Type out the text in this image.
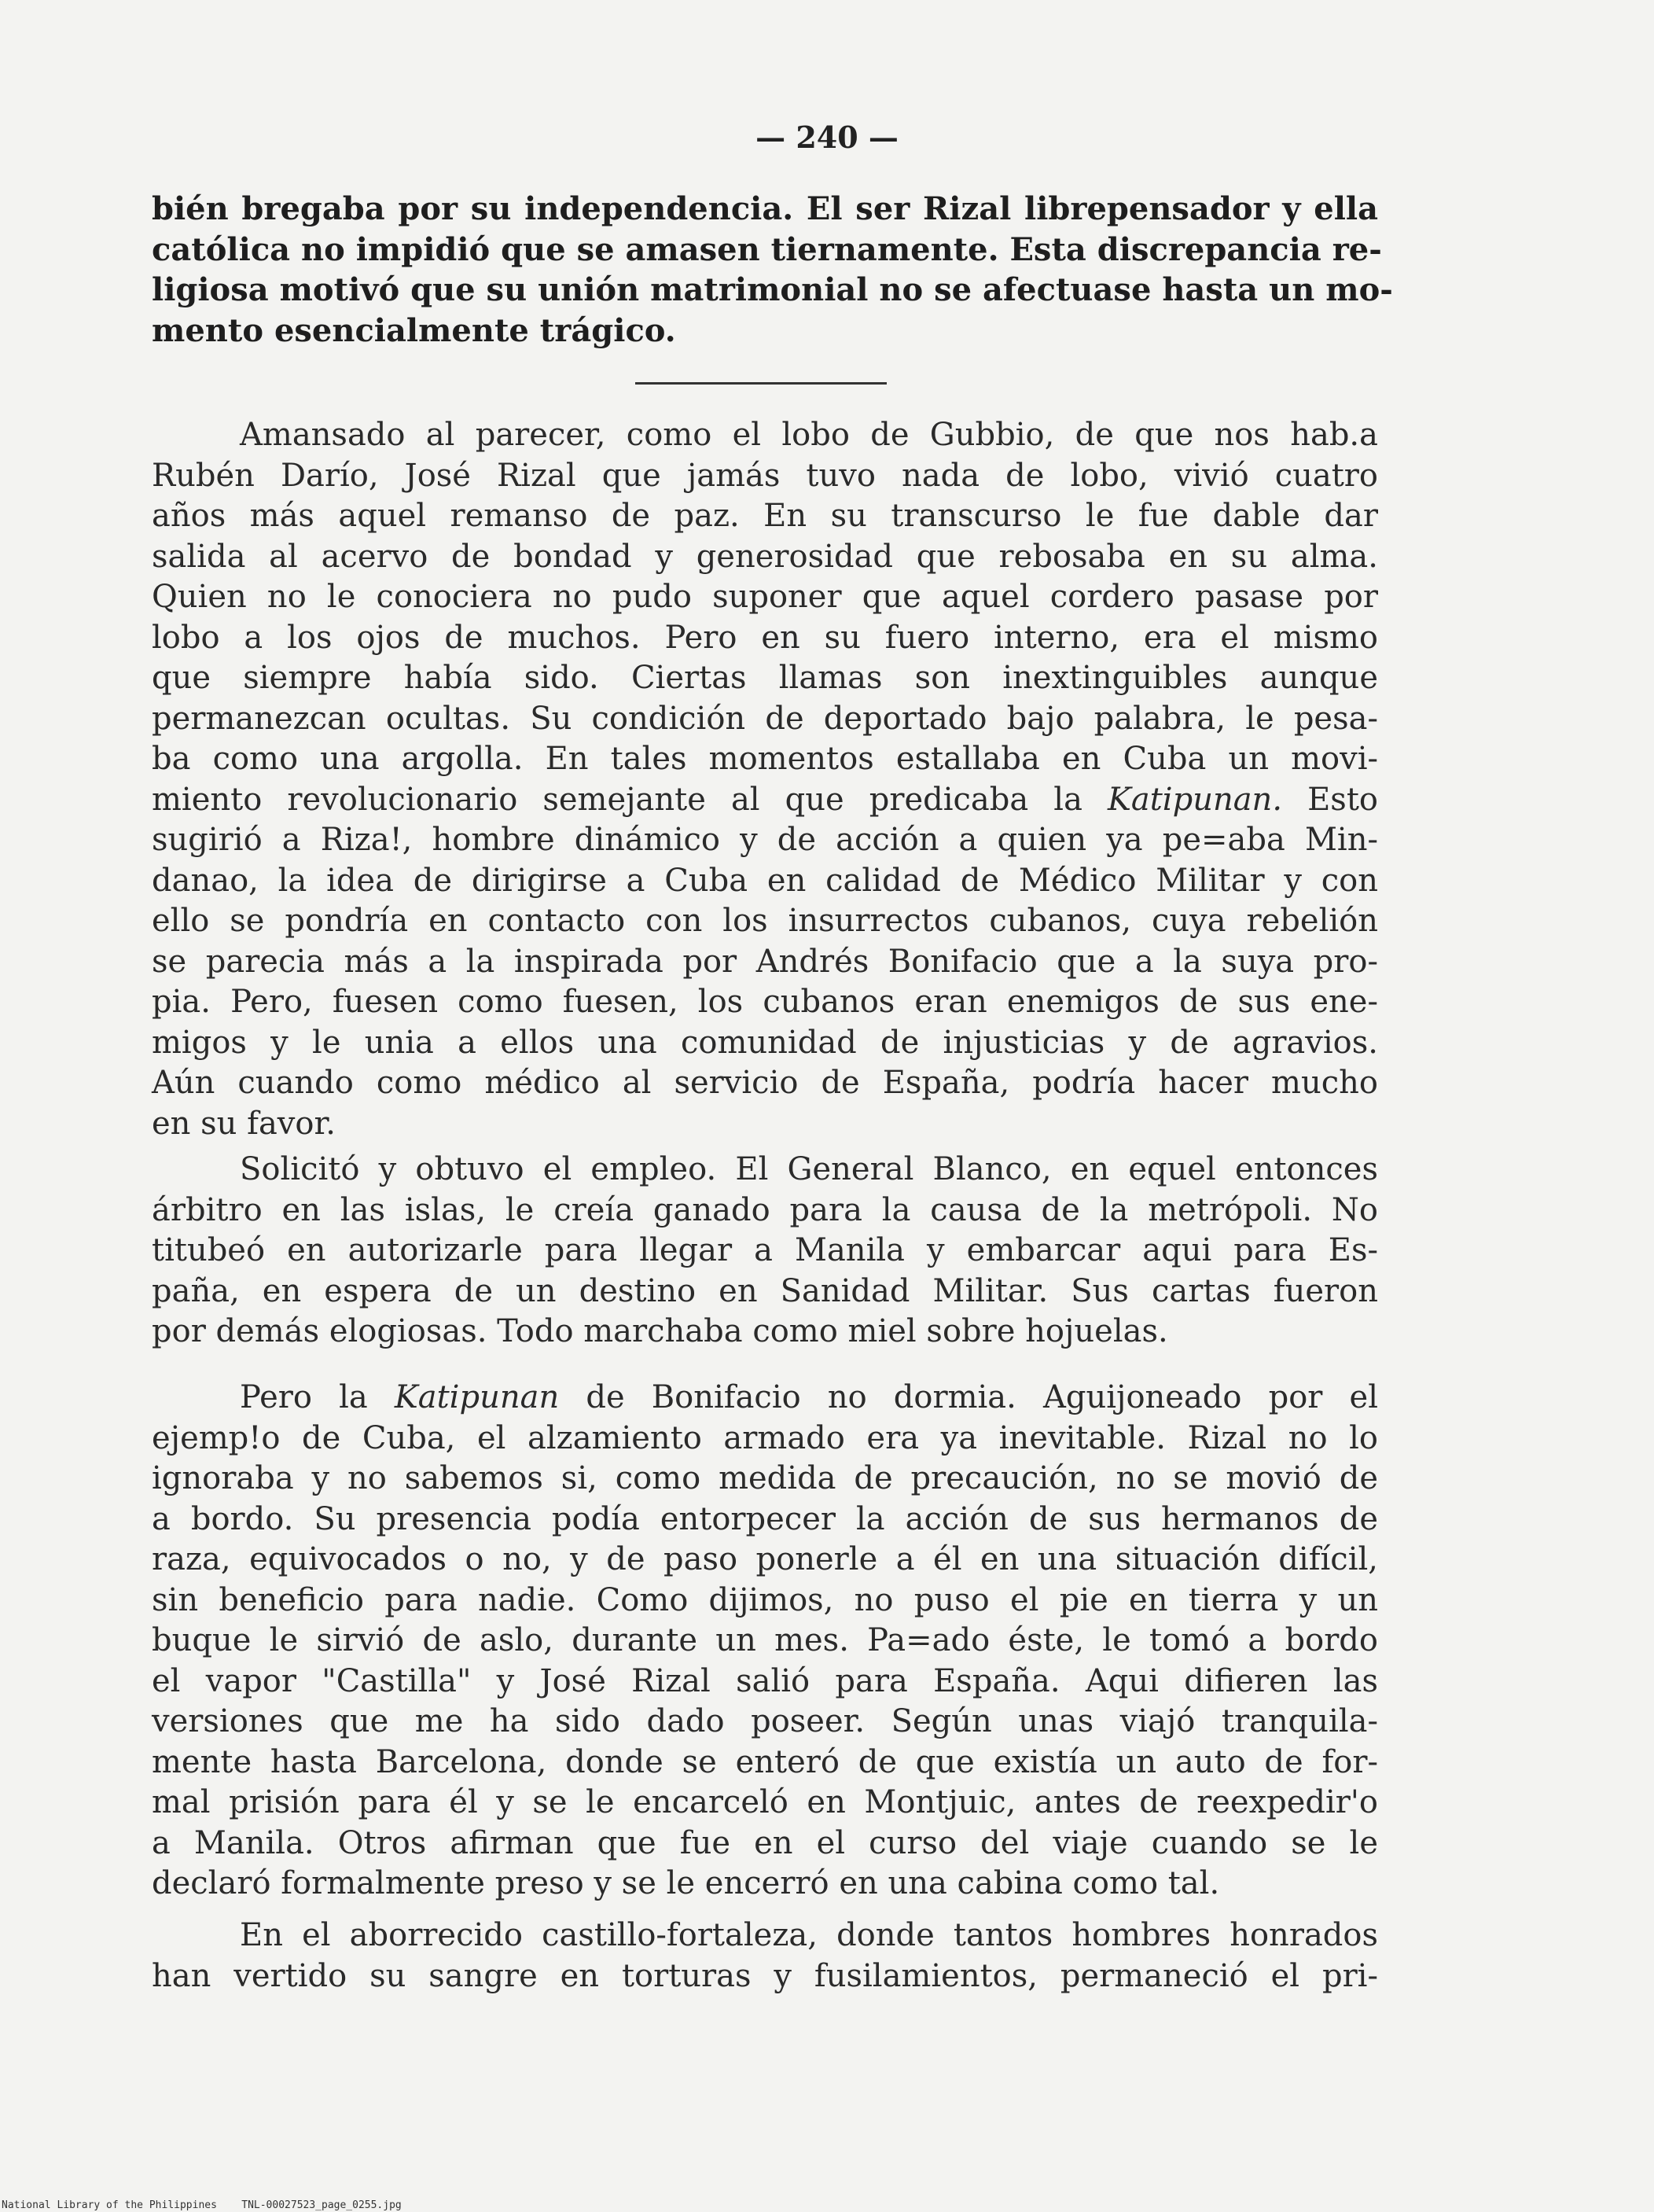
— 240 —
bién bregaba por su independencia. El ser Rizal librepensador y ella
católica no impidió que se amasen tiernamente. Esta discrepancia re-
ligiosa motivó que su unión matrimonial no se afectuase hasta un mo-
mento esencialmente trágico.
Amansado al parecer, como el lobo de Gubbio, de que nos hab.a
Rubén Darío, José Rizal que jamás tuvo nada de lobo, vivió cuatro
años más aquel remanso de paz. En su transcurso le fue dable dar
salida al acervo de bondad y generosidad que rebosaba en su alma.
Quien no le conociera no pudo suponer que aquel cordero pasase por
lobo a los ojos de muchos. Pero en su fuero interno, era el mismo
que siempre había sido. Ciertas llamas son inextinguibles aunque
permanezcan ocultas. Su condición de deportado bajo palabra, le pesa-
ba como una argolla. En tales momentos estallaba en Cuba un movi-
miento revolucionario semejante al que predicaba la Katipunan. Esto
sugirió a Riza!, hombre dinámico y de acción a quien ya pe=aba Min-
danao, la idea de dirigirse a Cuba en calidad de Médico Militar y con
ello se pondría en contacto con los insurrectos cubanos, cuya rebelión
se parecia más a la inspirada por Andrés Bonifacio que a la suya pro-
pia. Pero, fuesen como fuesen, los cubanos eran enemigos de sus ene-
migos y le unia a ellos una comunidad de injusticias y de agravios.
Aún cuando como médico al servicio de España, podría hacer mucho
en su favor.
Solicitó y obtuvo el empleo. El General Blanco, en equel entonces
árbitro en las islas, le creía ganado para la causa de la metrópoli. No
titubeó en autorizarle para llegar a Manila y embarcar aqui para Es-
paña, en espera de un destino en Sanidad Militar. Sus cartas fueron
por demás elogiosas. Todo marchaba como miel sobre hojuelas.
Pero la Katipunan de Bonifacio no dormia. Aguijoneado por el
ejemp!o de Cuba, el alzamiento armado era ya inevitable. Rizal no lo
ignoraba y no sabemos si, como medida de precaución, no se movió de
a bordo. Su presencia podía entorpecer la acción de sus hermanos de
raza, equivocados o no, y de paso ponerle a él en una situación difícil,
sin beneficio para nadie. Como dijimos, no puso el pie en tierra y un
buque le sirvió de aslo, durante un mes. Pa=ado éste, le tomó a bordo
el vapor "Castilla" y José Rizal salió para España. Aqui difieren las
versiones que me ha sido dado poseer. Según unas viajó tranquila-
mente hasta Barcelona, donde se enteró de que existía un auto de for-
mal prisión para él y se le encarceló en Montjuic, antes de reexpedir'o
a Manila. Otros afirman que fue en el curso del viaje cuando se le
declaró formalmente preso y se le encerró en una cabina como tal.
En el aborrecido castillo-fortaleza, donde tantos hombres honrados
han vertido su sangre en torturas y fusilamientos, permaneció el pri-
National Library of the Philippines TNL-00027523_page_0255.jpg
